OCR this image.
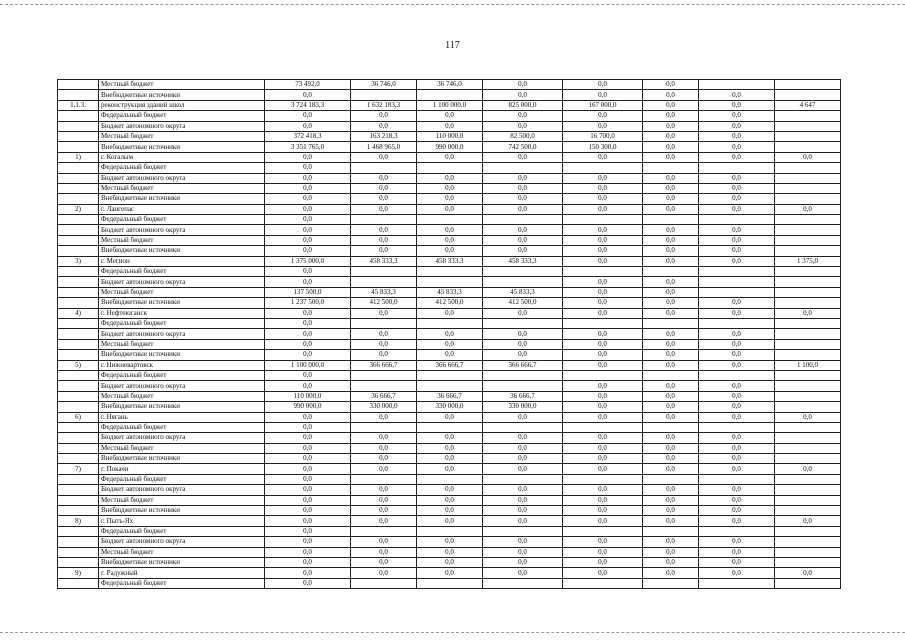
117
	Местный бюджет	73 492,0	36 746,0	36 746,0	0,0	0,0	0,0		
	Внебюджетные источники	0,0			0,0	0,0	0,0	0,0	
1.1.3.	реконструкция зданий школ	3 724 183,3	1 632 183,3	1 100 000,0	825 000,0	167 000,0	0,0	0,0	4 647
	Федеральный бюджет	0,0	0,0	0,0	0,0	0,0	0,0	0,0	
	Бюджет автономного округа	0,0	0,0	0,0	0,0	0,0	0,0	0,0	
	Местный бюджет	372 418,3	163 218,3	110 000,0	82 500,0	16 700,0	0,0	0,0	
	Внебюджетные источники	3 351 765,0	1 468 965,0	990 000,0	742 500,0	150 300,0	0,0	0,0	
1)	г. Когалым	0,0	0,0	0,0	0,0	0,0	0,0	0,0	0,0
	Федеральный бюджет	0,0							
	Бюджет автономного округа	0,0	0,0	0,0	0,0	0,0	0,0	0,0	
	Местный бюджет	0,0	0,0	0,0	0,0	0,0	0,0	0,0	
	Внебюджетные источники	0,0	0,0	0,0	0,0	0,0	0,0	0,0	
2)	г. Лангепас	0,0	0,0	0,0	0,0	0,0	0,0	0,0	0,0
	Федеральный бюджет	0,0							
	Бюджет автономного округа	0,0	0,0	0,0	0,0	0,0	0,0	0,0	
	Местный бюджет	0,0	0,0	0,0	0,0	0,0	0,0	0,0	
	Внебюджетные источники	0,0	0,0	0,0	0,0	0,0	0,0	0,0	
3)	г. Мегион	1 375 000,0	458 333,3	458 333,3	458 333,3	0,0	0,0	0,0	1 375,0
	Федеральный бюджет	0,0							
	Бюджет автономного округа	0,0				0,0	0,0		
	Местный бюджет	137 500,0	45 833,3	45 833,3	45 833,3	0,0	0,0		
	Внебюджетные источники	1 237 500,0	412 500,0	412 500,0	412 500,0	0,0	0,0	0,0	
4)	г. Нефтеюганск	0,0	0,0	0,0	0,0	0,0	0,0	0,0	0,0
	Федеральный бюджет	0,0							
	Бюджет автономного округа	0,0	0,0	0,0	0,0	0,0	0,0	0,0	
	Местный бюджет	0,0	0,0	0,0	0,0	0,0	0,0	0,0	
	Внебюджетные источники	0,0	0,0	0,0	0,0	0,0	0,0	0,0	
5)	г. Нижневартовск	1 100 000,0	366 666,7	366 666,7	366 666,7	0,0	0,0	0,0	1 100,0
	Федеральный бюджет	0,0							
	Бюджет автономного округа	0,0				0,0	0,0	0,0	
	Местный бюджет	110 000,0	36 666,7	36 666,7	36 666,7	0,0	0,0	0,0	
	Внебюджетные источники	990 000,0	330 000,0	330 000,0	330 000,0	0,0	0,0	0,0	
6)	г. Нягань	0,0	0,0	0,0	0,0	0,0	0,0	0,0	0,0
	Федеральный бюджет	0,0							
	Бюджет автономного округа	0,0	0,0	0,0	0,0	0,0	0,0	0,0	
	Местный бюджет	0,0	0,0	0,0	0,0	0,0	0,0	0,0	
	Внебюджетные источники	0,0	0,0	0,0	0,0	0,0	0,0	0,0	
7)	г. Покачи	0,0	0,0	0,0	0,0	0,0	0,0	0,0	0,0
	Федеральный бюджет	0,0							
	Бюджет автономного округа	0,0	0,0	0,0	0,0	0,0	0,0	0,0	
	Местный бюджет	0,0	0,0	0,0	0,0	0,0	0,0	0,0	
	Внебюджетные источники	0,0	0,0	0,0	0,0	0,0	0,0	0,0	
8)	г. Пыть-Ях	0,0	0,0	0,0	0,0	0,0	0,0	0,0	0,0
	Федеральный бюджет	0,0							
	Бюджет автономного округа	0,0	0,0	0,0	0,0	0,0	0,0	0,0	
	Местный бюджет	0,0	0,0	0,0	0,0	0,0	0,0	0,0	
	Внебюджетные источники	0,0	0,0	0,0	0,0	0,0	0,0	0,0	
9)	г. Радужный	0,0	0,0	0,0	0,0	0,0	0,0	0,0	0,0
	Федеральный бюджет	0,0							
